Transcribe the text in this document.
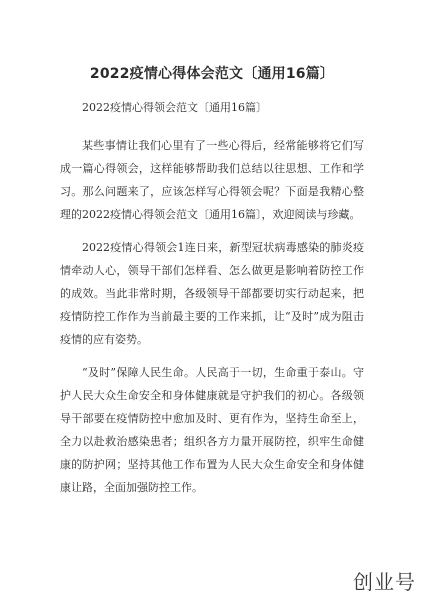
2022疫情心得体会范文〔通用16篇〕

2022疫情心得领会范文〔通用16篇〕

某些事情让我们心里有了一些心得后，经常能够将它们写成一篇心得领会，这样能够帮助我们总结以往思想、工作和学习。那么问题来了，应该怎样写心得领会呢？下面是我精心整理的2022疫情心得领会范文〔通用16篇〕，欢迎阅读与珍藏。

2022疫情心得领会1连日来，新型冠状病毒感染的肺炎疫情牵动人心，领导干部们怎样看、怎么做更是影响着防控工作的成效。当此非常时期，各级领导干部都要切实行动起来，把疫情防控工作作为当前最主要的工作来抓，让“及时”成为阻击疫情的应有姿势。

“及时”保障人民生命。人民高于一切，生命重于泰山。守护人民大众生命安全和身体健康就是守护我们的初心。各级领导干部要在疫情防控中愈加及时、更有作为，坚持生命至上，全力以赴救治感染患者；组织各方力量开展防控，织牢生命健康的防护网；坚持其他工作布置为人民大众生命安全和身体健康让路，全面加强防控工作。

创业号
